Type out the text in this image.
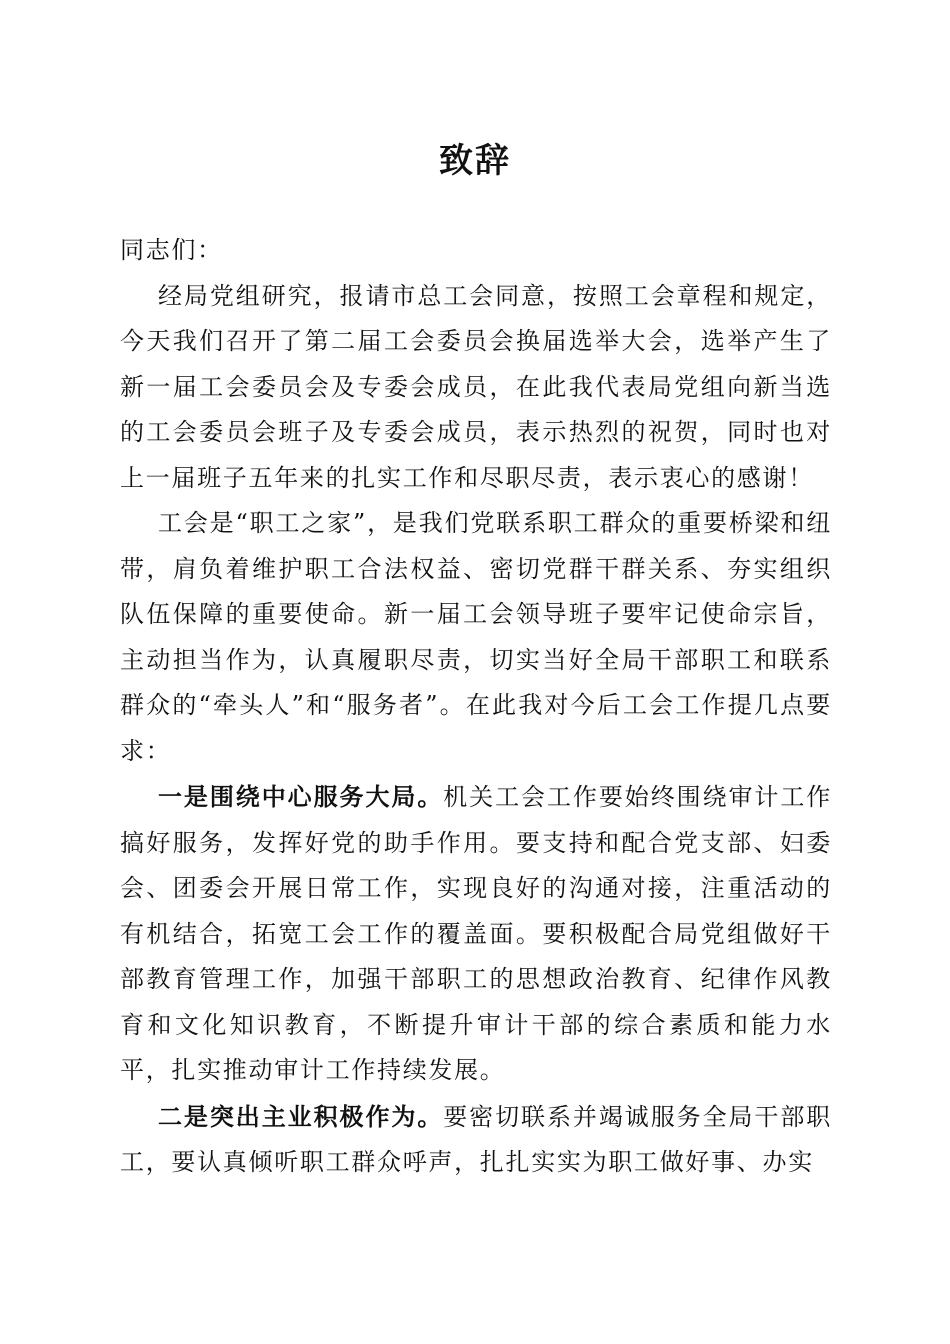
致辞

同志们：

经局党组研究，报请市总工会同意，按照工会章程和规定，今天我们召开了第二届工会委员会换届选举大会，选举产生了新一届工会委员会及专委会成员，在此我代表局党组向新当选的工会委员会班子及专委会成员，表示热烈的祝贺，同时也对上一届班子五年来的扎实工作和尽职尽责，表示衷心的感谢！

工会是“职工之家”，是我们党联系职工群众的重要桥梁和纽带，肩负着维护职工合法权益、密切党群干群关系、夯实组织队伍保障的重要使命。新一届工会领导班子要牢记使命宗旨，主动担当作为，认真履职尽责，切实当好全局干部职工和联系群众的“牵头人”和“服务者”。在此我对今后工会工作提几点要求：

一是围绕中心服务大局。机关工会工作要始终围绕审计工作搞好服务，发挥好党的助手作用。要支持和配合党支部、妇委会、团委会开展日常工作，实现良好的沟通对接，注重活动的有机结合，拓宽工会工作的覆盖面。要积极配合局党组做好干部教育管理工作，加强干部职工的思想政治教育、纪律作风教育和文化知识教育，不断提升审计干部的综合素质和能力水平，扎实推动审计工作持续发展。

二是突出主业积极作为。要密切联系并竭诚服务全局干部职工，要认真倾听职工群众呼声，扎扎实实为职工做好事、办实
